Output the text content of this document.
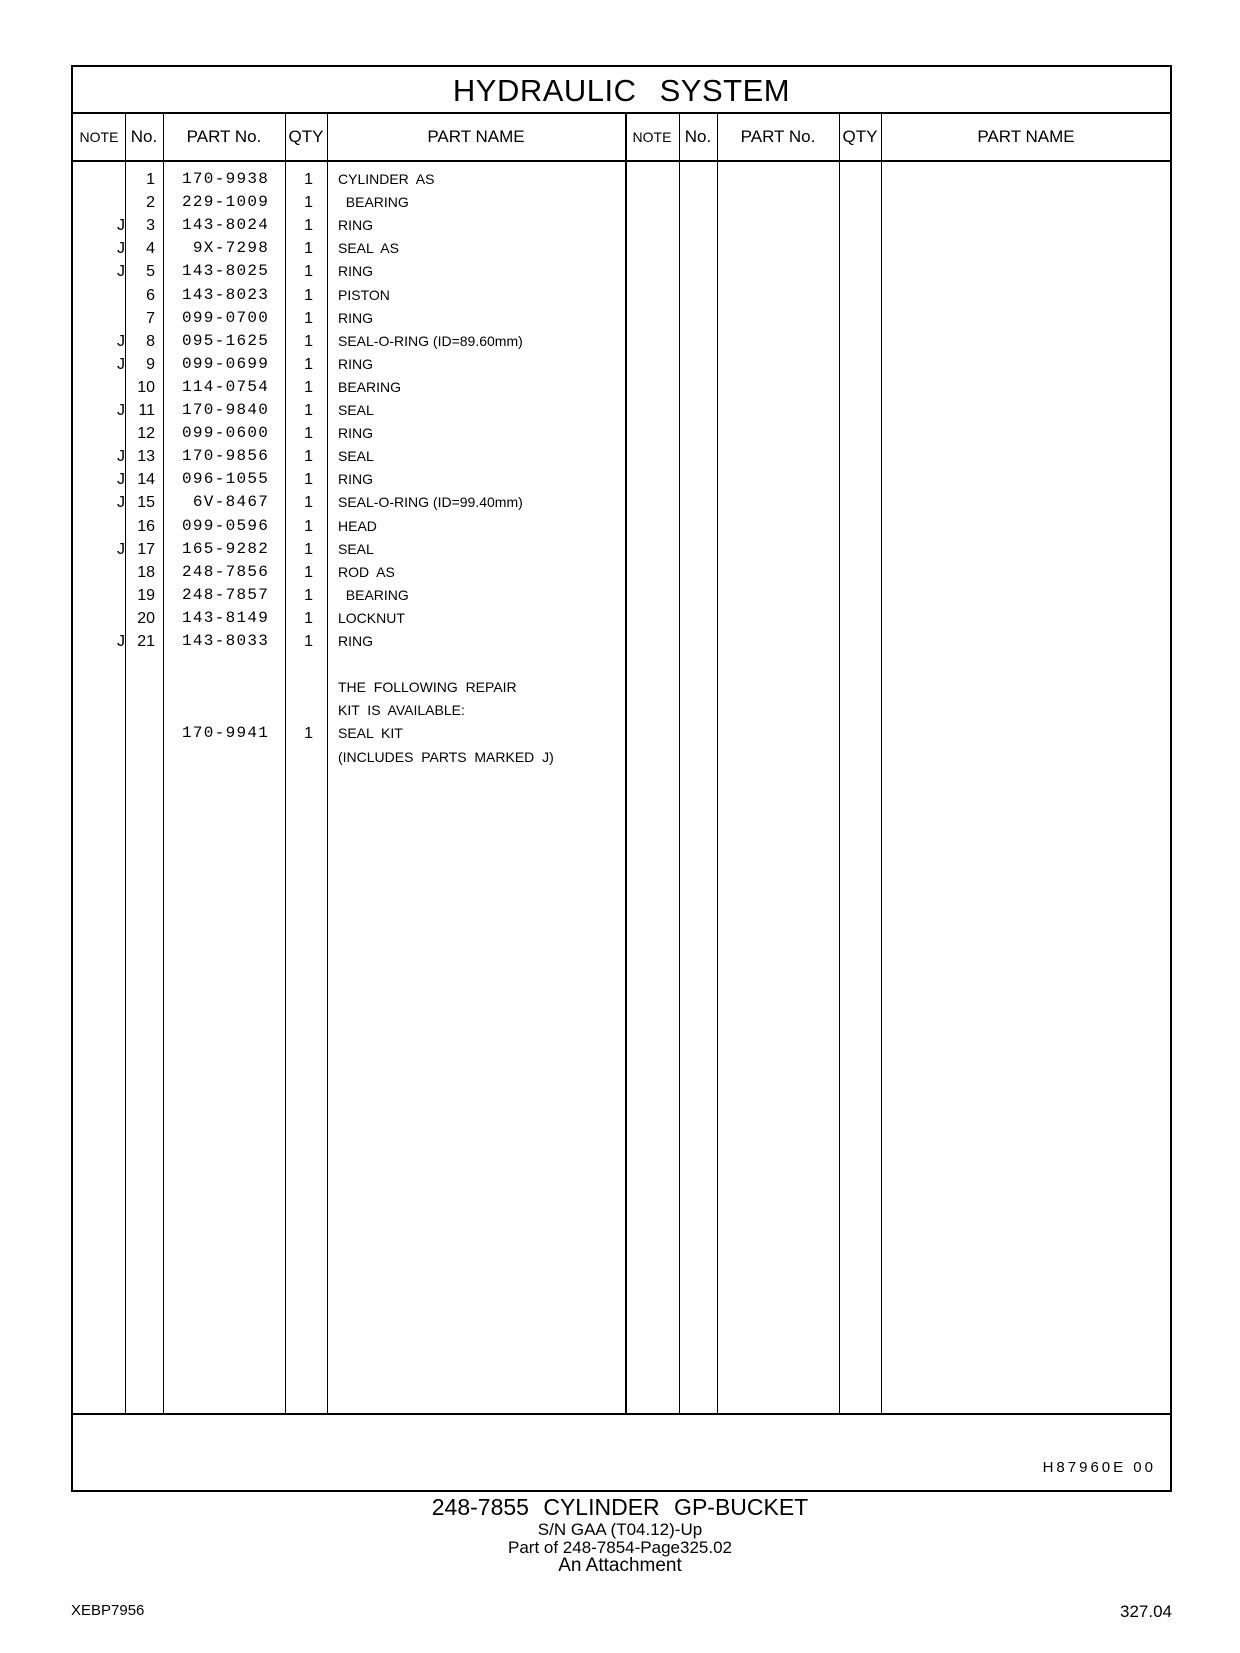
HYDRAULIC SYSTEM
NOTE No.	PART No.	QTY	PART NAME	NOTE No.	PART No.	QTY	PART NAME
1 170-9938	1 CYLINDER  AS
2 229-1009	1 BEARING
J	3 143-8024	1 RING
J	4 9X-7298	1 SEAL  AS
J	5 143-8025	1 RING
6 143-8023	1 PISTON
7 099-0700	1 RING
J	8 095-1625	1 SEAL-O-RING (ID=89.60mm)
J	9 099-0699	1 RING
10 114-0754	1 BEARING
J 11 170-9840	1 SEAL
12 099-0600	1 RING
J 13 170-9856	1 SEAL
J 14 096-1055	1 RING
J 15 6V-8467	1 SEAL-O-RING (ID=99.40mm)
16 099-0596	1 HEAD
J 17 165-9282	1 SEAL
18 248-7856	1 ROD  AS
19 248-7857	1 BEARING
20 143-8149	1 LOCKNUT
J 21 143-8033	1 RING
THE  FOLLOWING  REPAIR
KIT  IS  AVAILABLE:
170-9941	1 SEAL  KIT
(INCLUDES  PARTS  MARKED  J)
H87960E 00
248-7855 CYLINDER GP-BUCKET
S/N GAA (T04.12)-Up
Part of 248-7854-Page325.02
An Attachment
XEBP7956	327.04
